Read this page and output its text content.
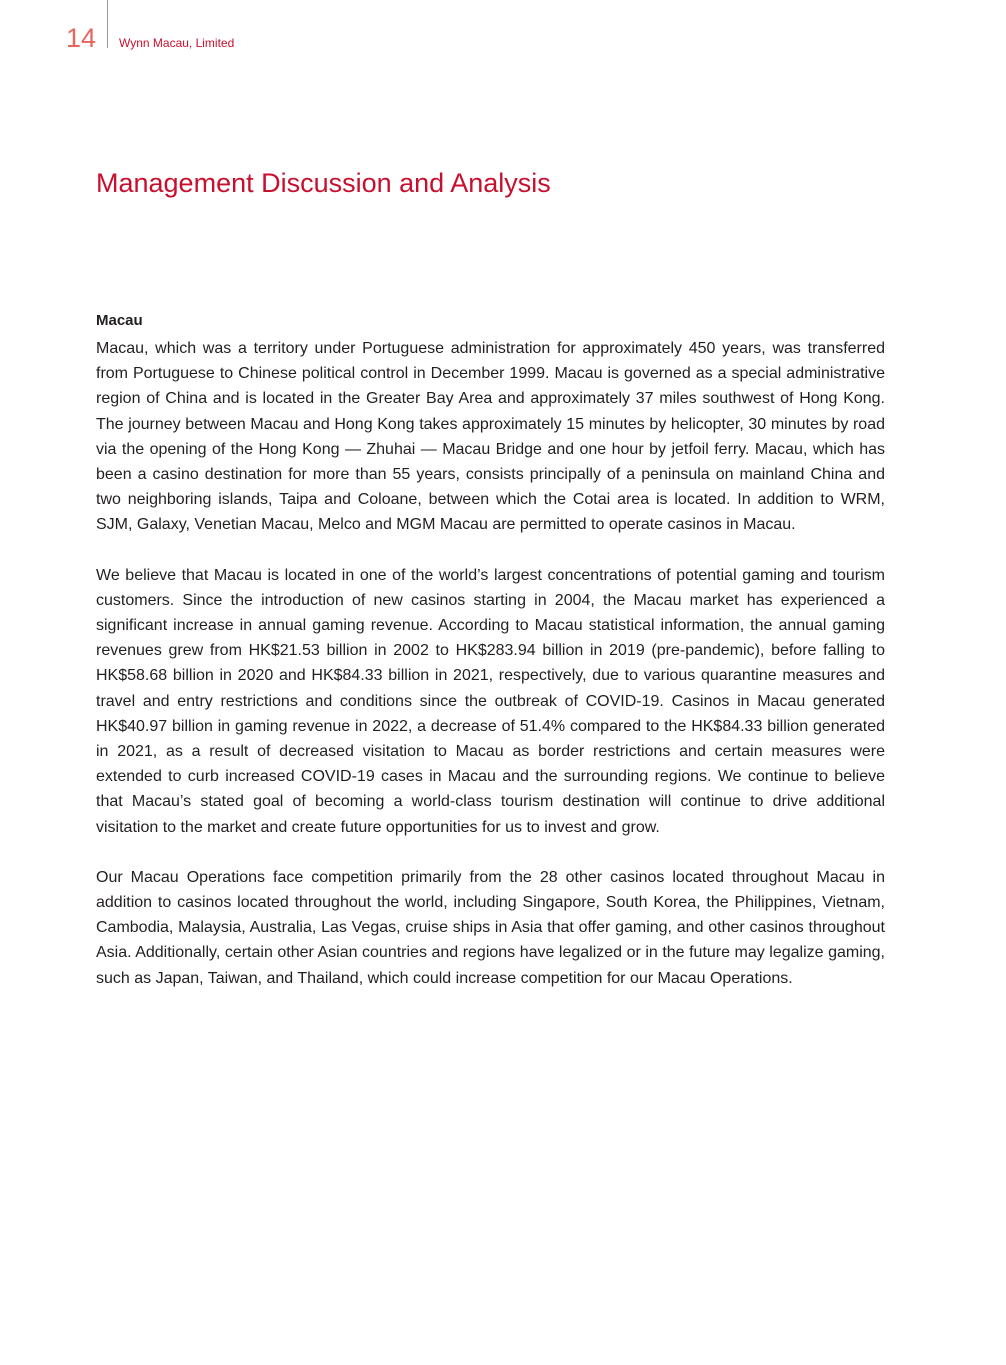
14 Wynn Macau, Limited
Management Discussion and Analysis
Macau

Macau, which was a territory under Portuguese administration for approximately 450 years, was transferred from Portuguese to Chinese political control in December 1999. Macau is governed as a special administrative region of China and is located in the Greater Bay Area and approximately 37 miles southwest of Hong Kong. The journey between Macau and Hong Kong takes approximately 15 minutes by helicopter, 30 minutes by road via the opening of the Hong Kong — Zhuhai — Macau Bridge and one hour by jetfoil ferry. Macau, which has been a casino destination for more than 55 years, consists principally of a peninsula on mainland China and two neighboring islands, Taipa and Coloane, between which the Cotai area is located. In addition to WRM, SJM, Galaxy, Venetian Macau, Melco and MGM Macau are permitted to operate casinos in Macau.

We believe that Macau is located in one of the world’s largest concentrations of potential gaming and tourism customers. Since the introduction of new casinos starting in 2004, the Macau market has experienced a significant increase in annual gaming revenue. According to Macau statistical information, the annual gaming revenues grew from HK$21.53 billion in 2002 to HK$283.94 billion in 2019 (pre-pandemic), before falling to HK$58.68 billion in 2020 and HK$84.33 billion in 2021, respectively, due to various quarantine measures and travel and entry restrictions and conditions since the outbreak of COVID-19. Casinos in Macau generated HK$40.97 billion in gaming revenue in 2022, a decrease of 51.4% compared to the HK$84.33 billion generated in 2021, as a result of decreased visitation to Macau as border restrictions and certain measures were extended to curb increased COVID-19 cases in Macau and the surrounding regions. We continue to believe that Macau’s stated goal of becoming a world-class tourism destination will continue to drive additional visitation to the market and create future opportunities for us to invest and grow.

Our Macau Operations face competition primarily from the 28 other casinos located throughout Macau in addition to casinos located throughout the world, including Singapore, South Korea, the Philippines, Vietnam, Cambodia, Malaysia, Australia, Las Vegas, cruise ships in Asia that offer gaming, and other casinos throughout Asia. Additionally, certain other Asian countries and regions have legalized or in the future may legalize gaming, such as Japan, Taiwan, and Thailand, which could increase competition for our Macau Operations.
